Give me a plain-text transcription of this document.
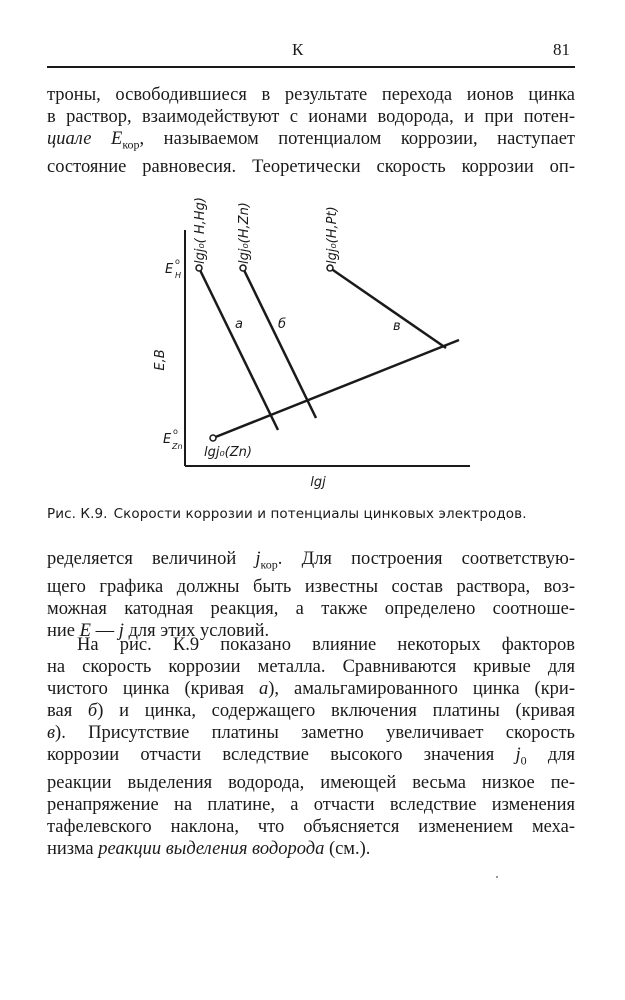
К	81
троны, освободившиеся в результате перехода ионов цинка
в раствор, взаимодействуют с ионами водорода, и при потен-
циале $E_{кор}$, называемом потенциалом коррозии, наступает
состояние равновесия. Теоретически скорость коррозии оп-
E,B
lgj
E
o
H
E
o
Zn
lgj₀( H,Hg) lgj₀(H,Zn)	lgj₀(H,Pt)
а	б	в
lgj₀(Zn)
Рис. К.9. Скорости коррозии и потенциалы цинковых электродов.
ределяется величиной $j_{кор}$. Для построения соответствую-
щего графика должны быть известны состав раствора, воз-
можная катодная реакция, а также определено соотноше-
ние E — j для этих условий.
На рис. К.9 показано влияние некоторых факторов
на скорость коррозии металла. Сравниваются кривые для
чистого цинка (кривая а), амальгамированного цинка (кри-
вая б) и цинка, содержащего включения платины (кривая
в). Присутствие платины заметно увеличивает скорость
коррозии отчасти вследствие высокого значения $j_0$ для
реакции выделения водорода, имеющей весьма низкое пе-
ренапряжение на платине, а отчасти вследствие изменения
тафелевского наклона, что объясняется изменением меха-
низма реакции выделения водорода (см.).
